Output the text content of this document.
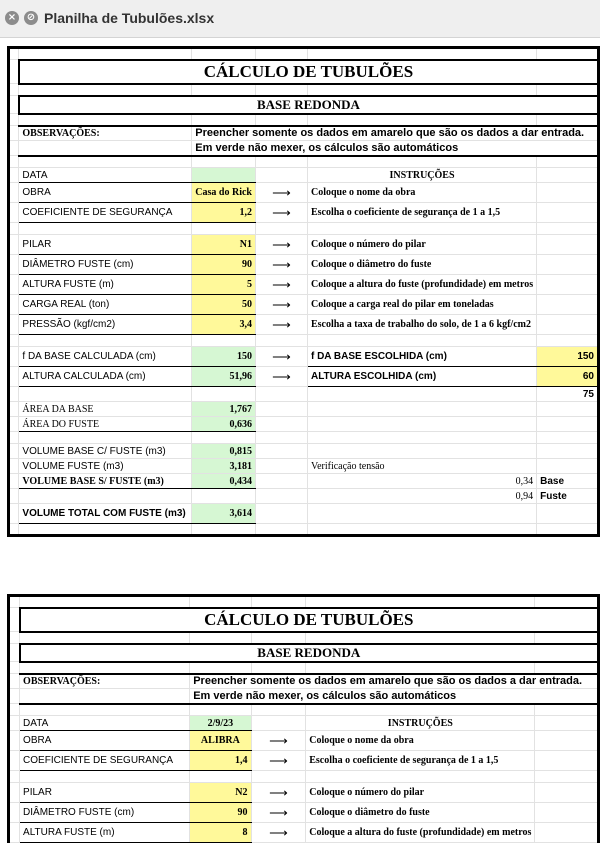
× ⊘ Planilha de Tubulões.xlsx

	CÁLCULO DE TUBULÕES				

	BASE REDONDA				

	OBSERVAÇÕES:	Preencher somente os dados em amarelo que são os dados a dar entrada.			
		Em verde não mexer, os cálculos são automáticos			

	DATA			INSTRUÇÕES	
	OBRA	Casa do Rick	⟶	Coloque o nome da obra	
	COEFICIENTE DE SEGURANÇA	1,2	⟶	Escolha o coeficiente de segurança de 1 a 1,5	

	PILAR	N1	⟶	Coloque o número do pilar	
	DIÂMETRO FUSTE (cm)	90	⟶	Coloque o diâmetro do fuste	
	ALTURA FUSTE (m)	5	⟶	Coloque a altura do fuste (profundidade) em metros	
	CARGA REAL (ton)	50	⟶	Coloque a carga real do pilar em toneladas	
	PRESSÃO (kgf/cm2)	3,4	⟶	Escolha a taxa de trabalho do solo, de 1 a 6 kgf/cm2	

	f DA BASE CALCULADA (cm)	150	⟶	f DA BASE ESCOLHIDA (cm)	150
	ALTURA CALCULADA (cm)	51,96	⟶	ALTURA ESCOLHIDA (cm)	60
					75
	ÁREA DA BASE	1,767			
	ÁREA DO FUSTE	0,636			

	VOLUME BASE C/ FUSTE (m3)	0,815			
	VOLUME FUSTE (m3)	3,181		Verificação tensão	
	VOLUME BASE S/ FUSTE (m3)	0,434		0,34	Base
				0,94	Fuste
	VOLUME TOTAL COM FUSTE (m3)	3,614			

	CÁLCULO DE TUBULÕES				

	BASE REDONDA				

	OBSERVAÇÕES:	Preencher somente os dados em amarelo que são os dados a dar entrada.			
		Em verde não mexer, os cálculos são automáticos			

	DATA	2/9/23		INSTRUÇÕES	
	OBRA	ALIBRA	⟶	Coloque o nome da obra	
	COEFICIENTE DE SEGURANÇA	1,4	⟶	Escolha o coeficiente de segurança de 1 a 1,5	

	PILAR	N2	⟶	Coloque o número do pilar	
	DIÂMETRO FUSTE (cm)	90	⟶	Coloque o diâmetro do fuste	
	ALTURA FUSTE (m)	8	⟶	Coloque a altura do fuste (profundidade) em metros	
